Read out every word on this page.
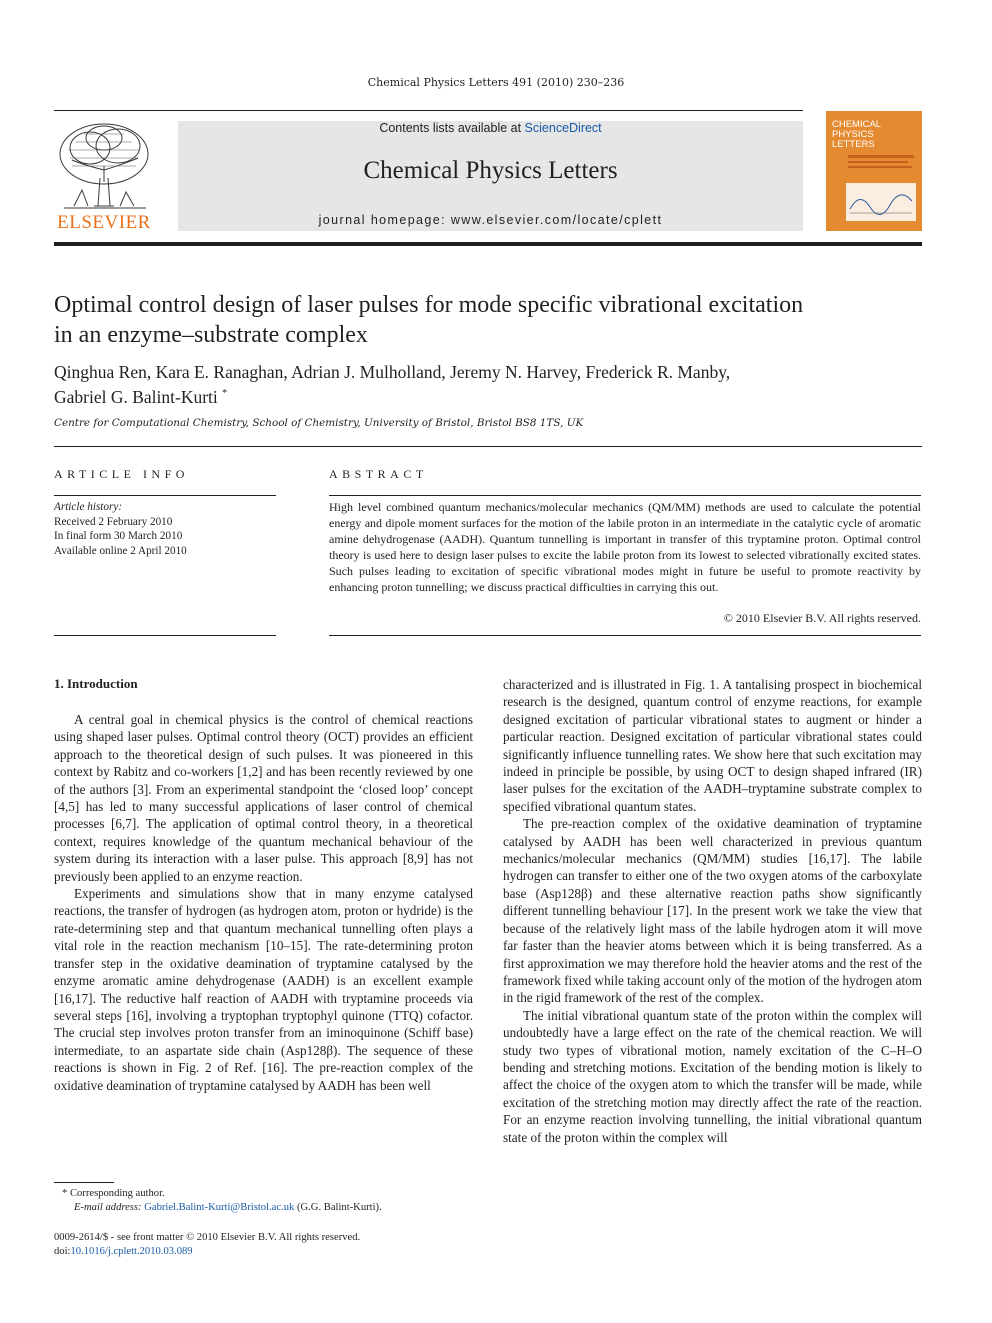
Chemical Physics Letters 491 (2010) 230–236
ELSEVIER
Contents lists available at ScienceDirect
Chemical Physics Letters
journal homepage: www.elsevier.com/locate/cplett
CHEMICAL
PHYSICS
LETTERS
Optimal control design of laser pulses for mode specific vibrational excitation
in an enzyme–substrate complex
Qinghua Ren, Kara E. Ranaghan, Adrian J. Mulholland, Jeremy N. Harvey, Frederick R. Manby,
Gabriel G. Balint-Kurti *
Centre for Computational Chemistry, School of Chemistry, University of Bristol, Bristol BS8 1TS, UK
ARTICLE INFO
Article history:
Received 2 February 2010
In final form 30 March 2010
Available online 2 April 2010
ABSTRACT
High level combined quantum mechanics/molecular mechanics (QM/MM) methods are used to calculate the potential energy and dipole moment surfaces for the motion of the labile proton in an intermediate in the catalytic cycle of aromatic amine dehydrogenase (AADH). Quantum tunnelling is important in transfer of this tryptamine proton. Optimal control theory is used here to design laser pulses to excite the labile proton from its lowest to selected vibrationally excited states. Such pulses leading to excitation of specific vibrational modes might in future be useful to promote reactivity by enhancing proton tunnelling; we discuss practical difficulties in carrying this out.
© 2010 Elsevier B.V. All rights reserved.
1. Introduction

A central goal in chemical physics is the control of chemical reactions using shaped laser pulses. Optimal control theory (OCT) provides an efficient approach to the theoretical design of such pulses. It was pioneered in this context by Rabitz and co-workers [1,2] and has been recently reviewed by one of the authors [3]. From an experimental standpoint the ‘closed loop’ concept [4,5] has led to many successful applications of laser control of chemical processes [6,7]. The application of optimal control theory, in a theoretical context, requires knowledge of the quantum mechanical behaviour of the system during its interaction with a laser pulse. This approach [8,9] has not previously been applied to an enzyme reaction.

Experiments and simulations show that in many enzyme catalysed reactions, the transfer of hydrogen (as hydrogen atom, proton or hydride) is the rate-determining step and that quantum mechanical tunnelling often plays a vital role in the reaction mechanism [10–15]. The rate-determining proton transfer step in the oxidative deamination of tryptamine catalysed by the enzyme aromatic amine dehydrogenase (AADH) is an excellent example [16,17]. The reductive half reaction of AADH with tryptamine proceeds via several steps [16], involving a tryptophan tryptophyl quinone (TTQ) cofactor. The crucial step involves proton transfer from an iminoquinone (Schiff base) intermediate, to an aspartate side chain (Asp128β). The sequence of these reactions is shown in Fig. 2 of Ref. [16]. The pre-reaction complex of the oxidative deamination of tryptamine catalysed by AADH has been well

characterized and is illustrated in Fig. 1. A tantalising prospect in biochemical research is the designed, quantum control of enzyme reactions, for example designed excitation of particular vibrational states to augment or hinder a particular reaction. Designed excitation of particular vibrational states could significantly influence tunnelling rates. We show here that such excitation may indeed in principle be possible, by using OCT to design shaped infrared (IR) laser pulses for the excitation of the AADH–tryptamine substrate complex to specified vibrational quantum states.

The pre-reaction complex of the oxidative deamination of tryptamine catalysed by AADH has been well characterized in previous quantum mechanics/molecular mechanics (QM/MM) studies [16,17]. The labile hydrogen can transfer to either one of the two oxygen atoms of the carboxylate base (Asp128β) and these alternative reaction paths show significantly different tunnelling behaviour [17]. In the present work we take the view that because of the relatively light mass of the labile hydrogen atom it will move far faster than the heavier atoms between which it is being transferred. As a first approximation we may therefore hold the heavier atoms and the rest of the framework fixed while taking account only of the motion of the hydrogen atom in the rigid framework of the rest of the complex.

The initial vibrational quantum state of the proton within the complex will undoubtedly have a large effect on the rate of the chemical reaction. We will study two types of vibrational motion, namely excitation of the C–H–O bending and stretching motions. Excitation of the bending motion is likely to affect the choice of the oxygen atom to which the transfer will be made, while excitation of the stretching motion may directly affect the rate of the reaction. For an enzyme reaction involving tunnelling, the initial vibrational quantum state of the proton within the complex will

* Corresponding author.
E-mail address: Gabriel.Balint-Kurti@Bristol.ac.uk (G.G. Balint-Kurti).
0009-2614/$ - see front matter © 2010 Elsevier B.V. All rights reserved.
doi:10.1016/j.cplett.2010.03.089
